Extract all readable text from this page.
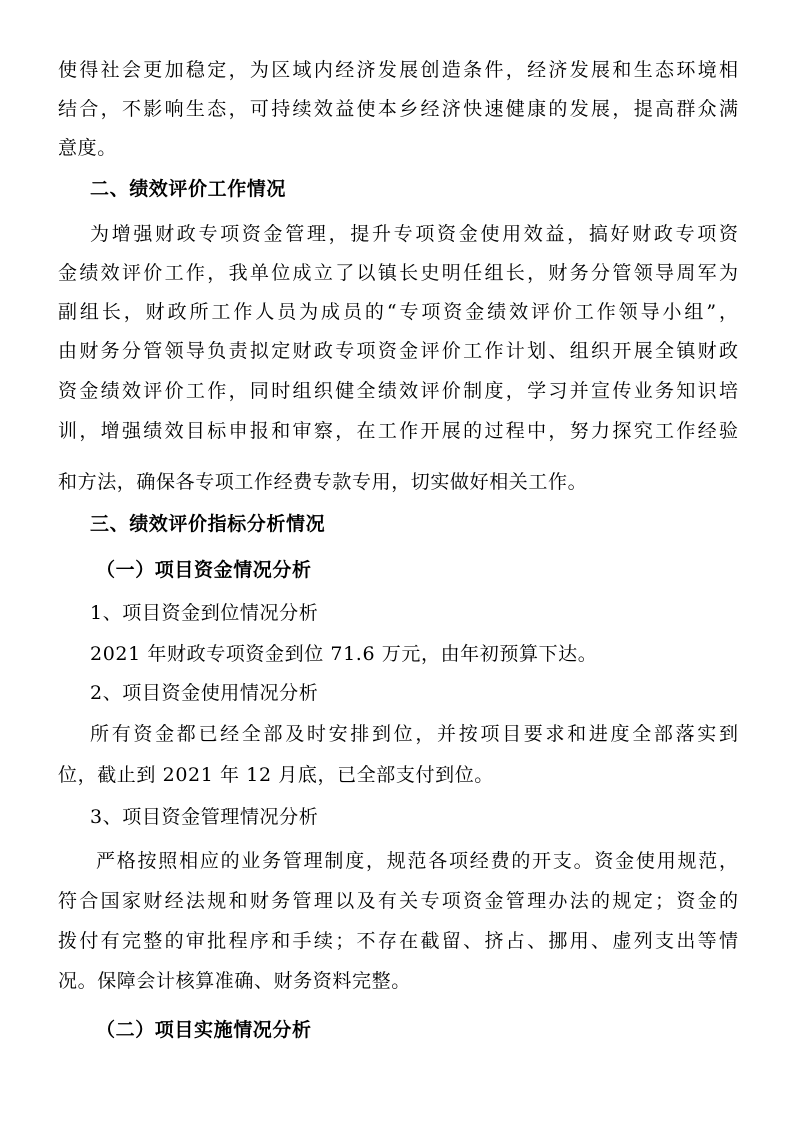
使得社会更加稳定，为区域内经济发展创造条件，经济发展和生态环境相
结合，不影响生态，可持续效益使本乡经济快速健康的发展，提高群众满
意度。
二、绩效评价工作情况
为增强财政专项资金管理，提升专项资金使用效益，搞好财政专项资
金绩效评价工作，我单位成立了以镇长史明任组长，财务分管领导周军为
副组长，财政所工作人员为成员的“专项资金绩效评价工作领导小组”，
由财务分管领导负责拟定财政专项资金评价工作计划、组织开展全镇财政
资金绩效评价工作，同时组织健全绩效评价制度，学习并宣传业务知识培
训，增强绩效目标申报和审察，在工作开展的过程中，努力探究工作经验
和方法，确保各专项工作经费专款专用，切实做好相关工作。
三、绩效评价指标分析情况
（一）项目资金情况分析
1、项目资金到位情况分析
2021 年财政专项资金到位 71.6 万元，由年初预算下达。
2、项目资金使用情况分析
所有资金都已经全部及时安排到位，并按项目要求和进度全部落实到
位，截止到 2021 年 12 月底，已全部支付到位。
3、项目资金管理情况分析
严格按照相应的业务管理制度，规范各项经费的开支。资金使用规范，
符合国家财经法规和财务管理以及有关专项资金管理办法的规定；资金的
拨付有完整的审批程序和手续；不存在截留、挤占、挪用、虚列支出等情
况。保障会计核算准确、财务资料完整。
（二）项目实施情况分析
